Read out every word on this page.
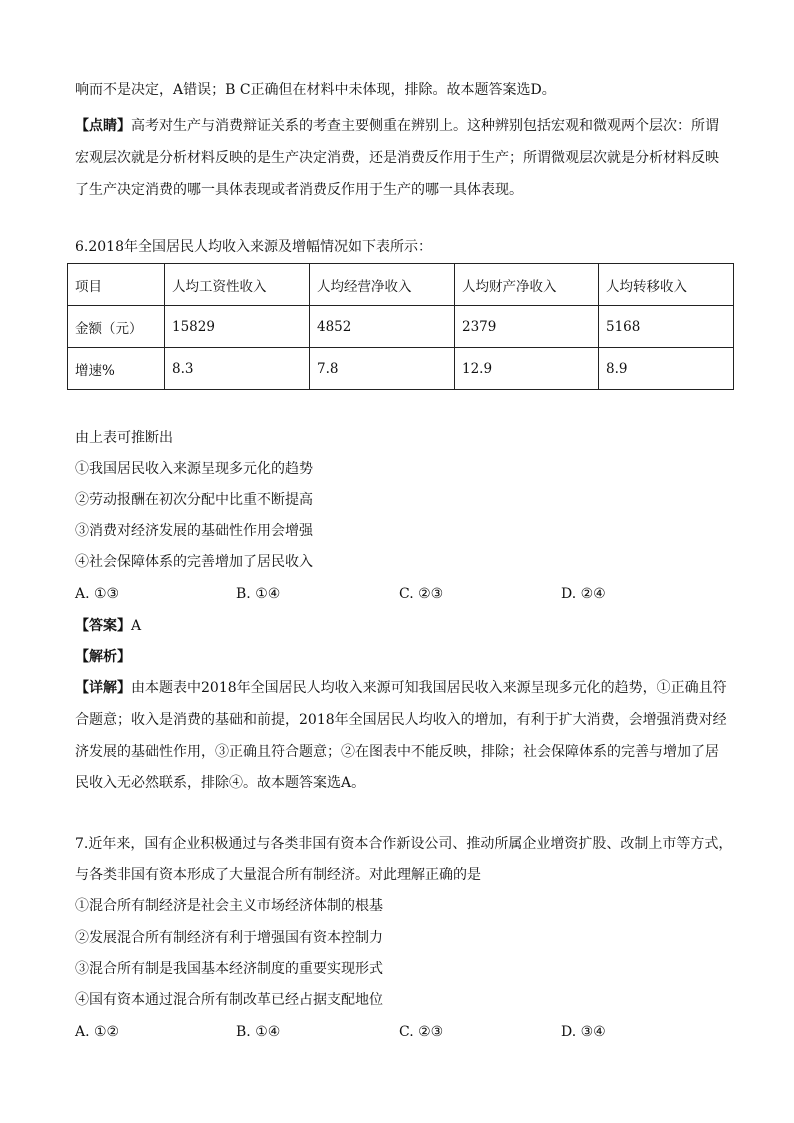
响而不是决定，A错误；B C正确但在材料中未体现，排除。故本题答案选D。
【点睛】高考对生产与消费辩证关系的考查主要侧重在辨别上。这种辨别包括宏观和微观两个层次：所谓
宏观层次就是分析材料反映的是生产决定消费，还是消费反作用于生产；所谓微观层次就是分析材料反映
了生产决定消费的哪一具体表现或者消费反作用于生产的哪一具体表现。
6.2018年全国居民人均收入来源及增幅情况如下表所示：
项目	人均工资性收入	人均经营净收入	人均财产净收入	人均转移收入
金额（元）	15829	4852	2379	5168
增速%	8.3	7.8	12.9	8.9
由上表可推断出
①我国居民收入来源呈现多元化的趋势
②劳动报酬在初次分配中比重不断提高
③消费对经济发展的基础性作用会增强
④社会保障体系的完善增加了居民收入
A. ①③	B. ①④	C. ②③	D. ②④
【答案】A
【解析】
【详解】由本题表中2018年全国居民人均收入来源可知我国居民收入来源呈现多元化的趋势，①正确且符
合题意；收入是消费的基础和前提，2018年全国居民人均收入的增加，有利于扩大消费，会增强消费对经
济发展的基础性作用，③正确且符合题意；②在图表中不能反映，排除；社会保障体系的完善与增加了居
民收入无必然联系，排除④。故本题答案选A。
7.近年来，国有企业积极通过与各类非国有资本合作新设公司、推动所属企业增资扩股、改制上市等方式，
与各类非国有资本形成了大量混合所有制经济。对此理解正确的是
①混合所有制经济是社会主义市场经济体制的根基
②发展混合所有制经济有利于增强国有资本控制力
③混合所有制是我国基本经济制度的重要实现形式
④国有资本通过混合所有制改革已经占据支配地位
A. ①②	B. ①④	C. ②③	D. ③④
